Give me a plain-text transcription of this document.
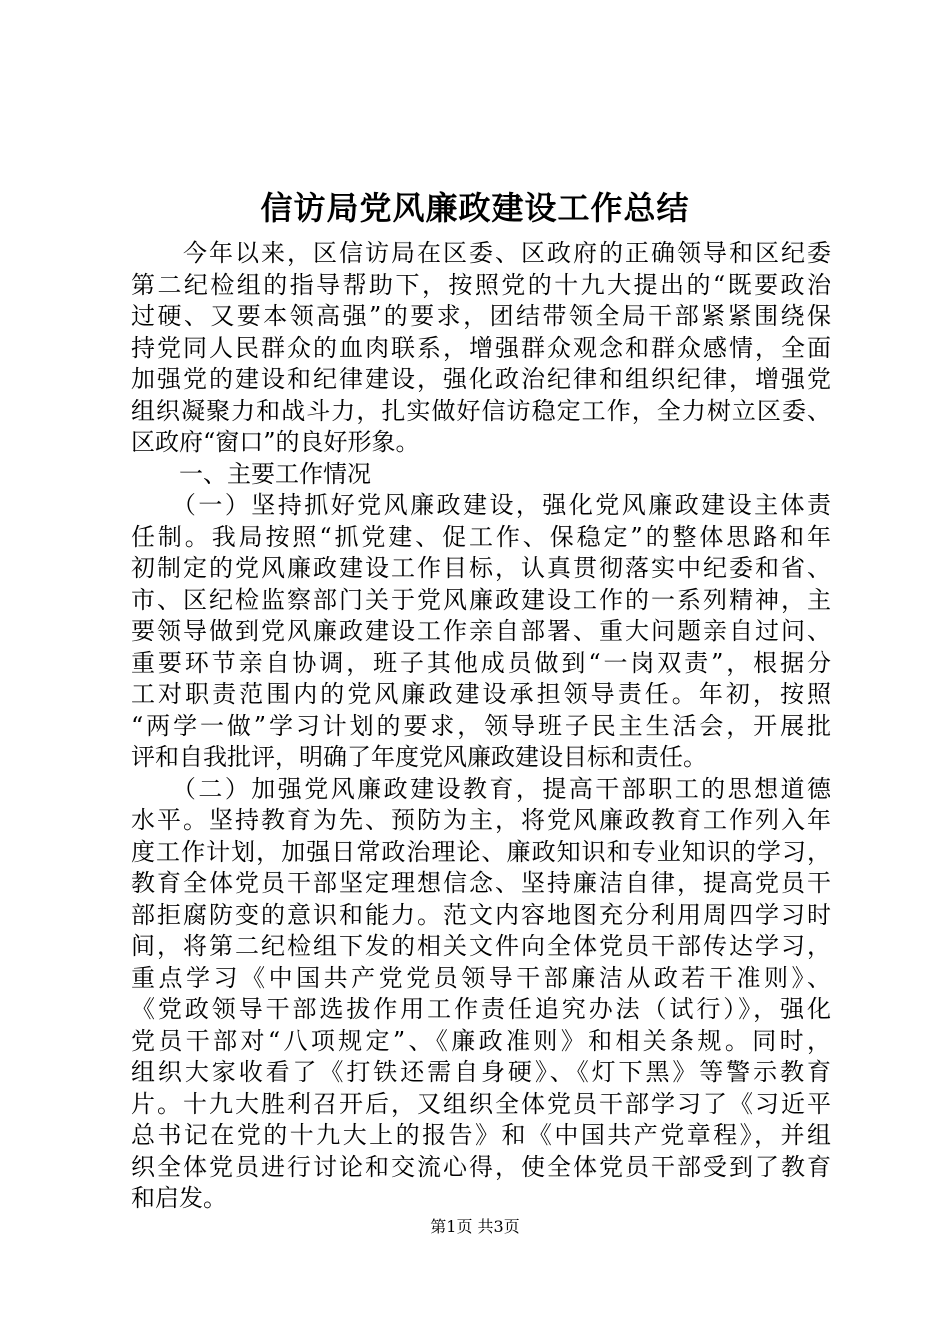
信访局党风廉政建设工作总结
　　今年以来，区信访局在区委、区政府的正确领导和区纪委
第二纪检组的指导帮助下，按照党的十九大提出的“既要政治
过硬、又要本领高强”的要求，团结带领全局干部紧紧围绕保
持党同人民群众的血肉联系，增强群众观念和群众感情，全面
加强党的建设和纪律建设，强化政治纪律和组织纪律，增强党
组织凝聚力和战斗力，扎实做好信访稳定工作，全力树立区委、
区政府“窗口”的良好形象。
　　一、主要工作情况
　　（一）坚持抓好党风廉政建设，强化党风廉政建设主体责
任制。我局按照“抓党建、促工作、保稳定”的整体思路和年
初制定的党风廉政建设工作目标，认真贯彻落实中纪委和省、
市、区纪检监察部门关于党风廉政建设工作的一系列精神，主
要领导做到党风廉政建设工作亲自部署、重大问题亲自过问、
重要环节亲自协调，班子其他成员做到“一岗双责”，根据分
工对职责范围内的党风廉政建设承担领导责任。年初，按照
“两学一做”学习计划的要求，领导班子民主生活会，开展批
评和自我批评，明确了年度党风廉政建设目标和责任。
　　（二）加强党风廉政建设教育，提高干部职工的思想道德
水平。坚持教育为先、预防为主，将党风廉政教育工作列入年
度工作计划，加强日常政治理论、廉政知识和专业知识的学习，
教育全体党员干部坚定理想信念、坚持廉洁自律，提高党员干
部拒腐防变的意识和能力。范文内容地图充分利用周四学习时
间，将第二纪检组下发的相关文件向全体党员干部传达学习，
重点学习《中国共产党党员领导干部廉洁从政若干准则》、
《党政领导干部选拔作用工作责任追究办法（试行）》，强化
党员干部对“八项规定”、《廉政准则》和相关条规。同时，
组织大家收看了《打铁还需自身硬》、《灯下黑》等警示教育
片。十九大胜利召开后，又组织全体党员干部学习了《习近平
总书记在党的十九大上的报告》和《中国共产党章程》，并组
织全体党员进行讨论和交流心得，使全体党员干部受到了教育
和启发。
第1页 共3页
